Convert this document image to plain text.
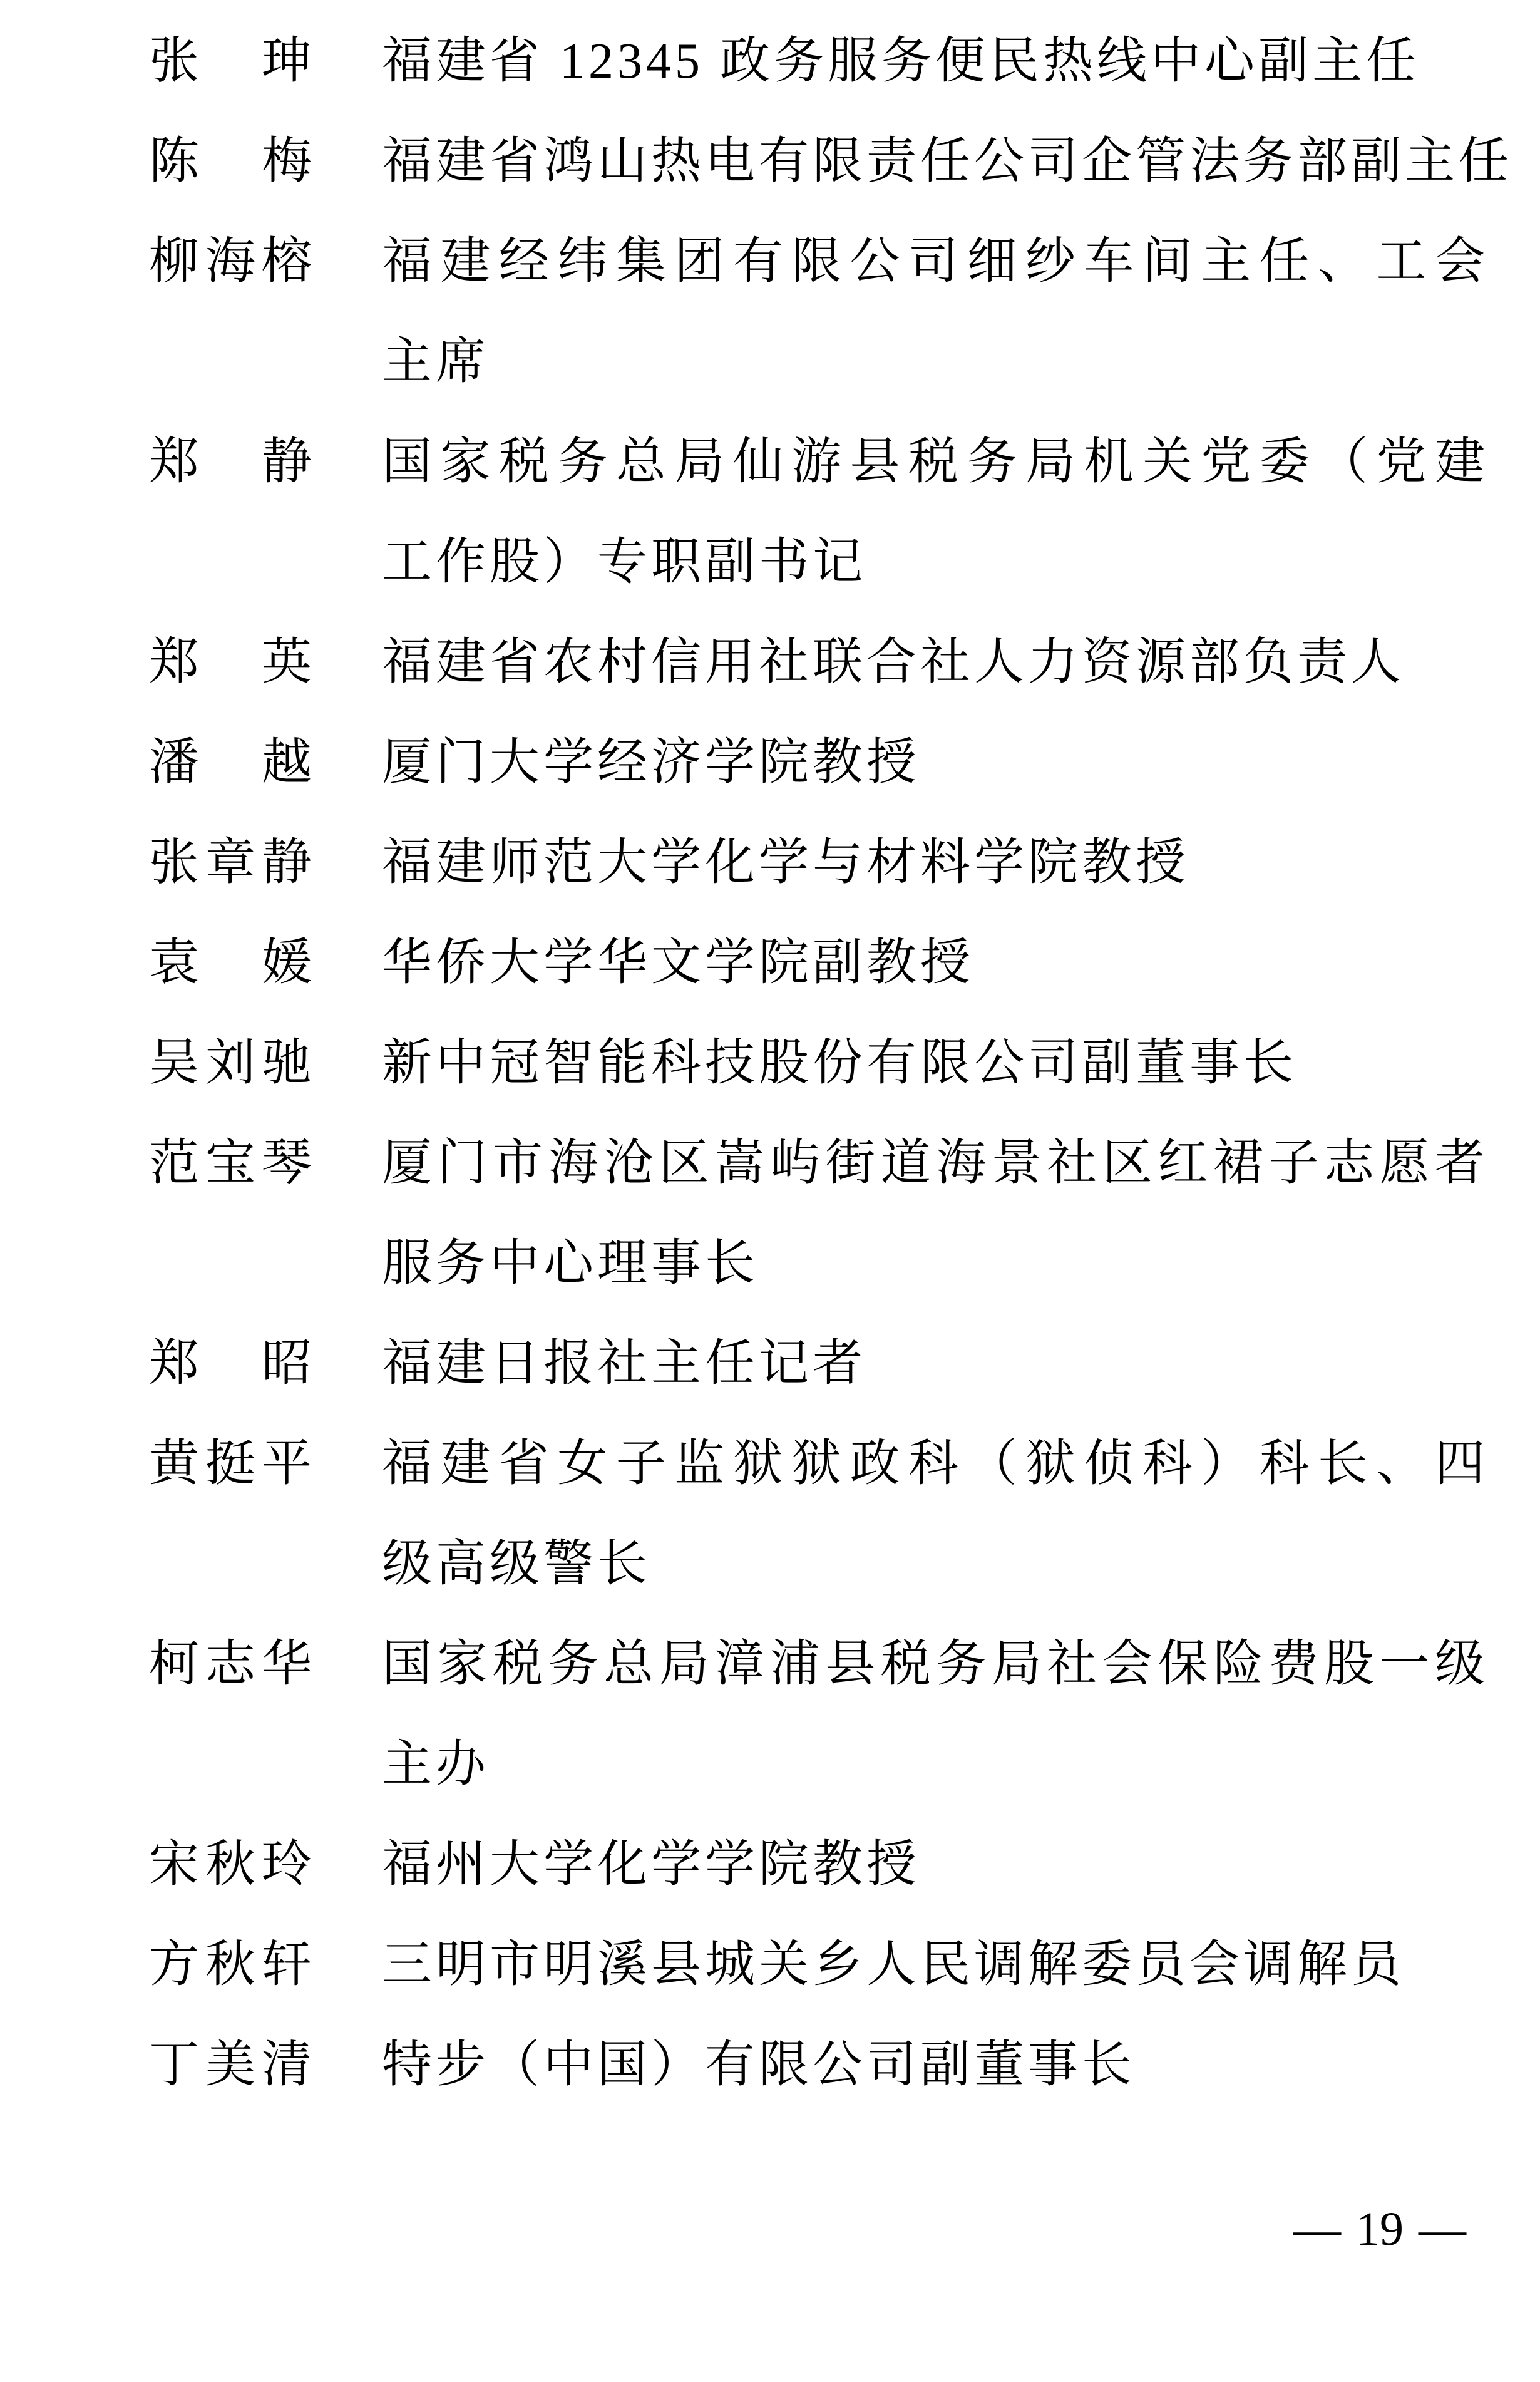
张 珅 福建省 12345 政务服务便民热线中心副主任
陈 梅 福建省鸿山热电有限责任公司企管法务部副主任
柳 海 榕 福建经纬集团有限公司细纱车间主任、工会
主席
郑 静 国家税务总局仙游县税务局机关党委（党建
工作股）专职副书记
郑 英 福建省农村信用社联合社人力资源部负责人
潘 越 厦门大学经济学院教授
张 章 静 福建师范大学化学与材料学院教授
袁 媛 华侨大学华文学院副教授
吴 刘 驰 新中冠智能科技股份有限公司副董事长
范 宝 琴 厦门市海沧区嵩屿街道海景社区红裙子志愿者
服务中心理事长
郑 昭 福建日报社主任记者
黄 挺 平 福建省女子监狱狱政科（狱侦科）科长、四
级高级警长
柯 志 华 国家税务总局漳浦县税务局社会保险费股一级
主办
宋 秋 玲 福州大学化学学院教授
方 秋 轩 三明市明溪县城关乡人民调解委员会调解员
丁 美 清 特步（中国）有限公司副董事长
— 19 —
